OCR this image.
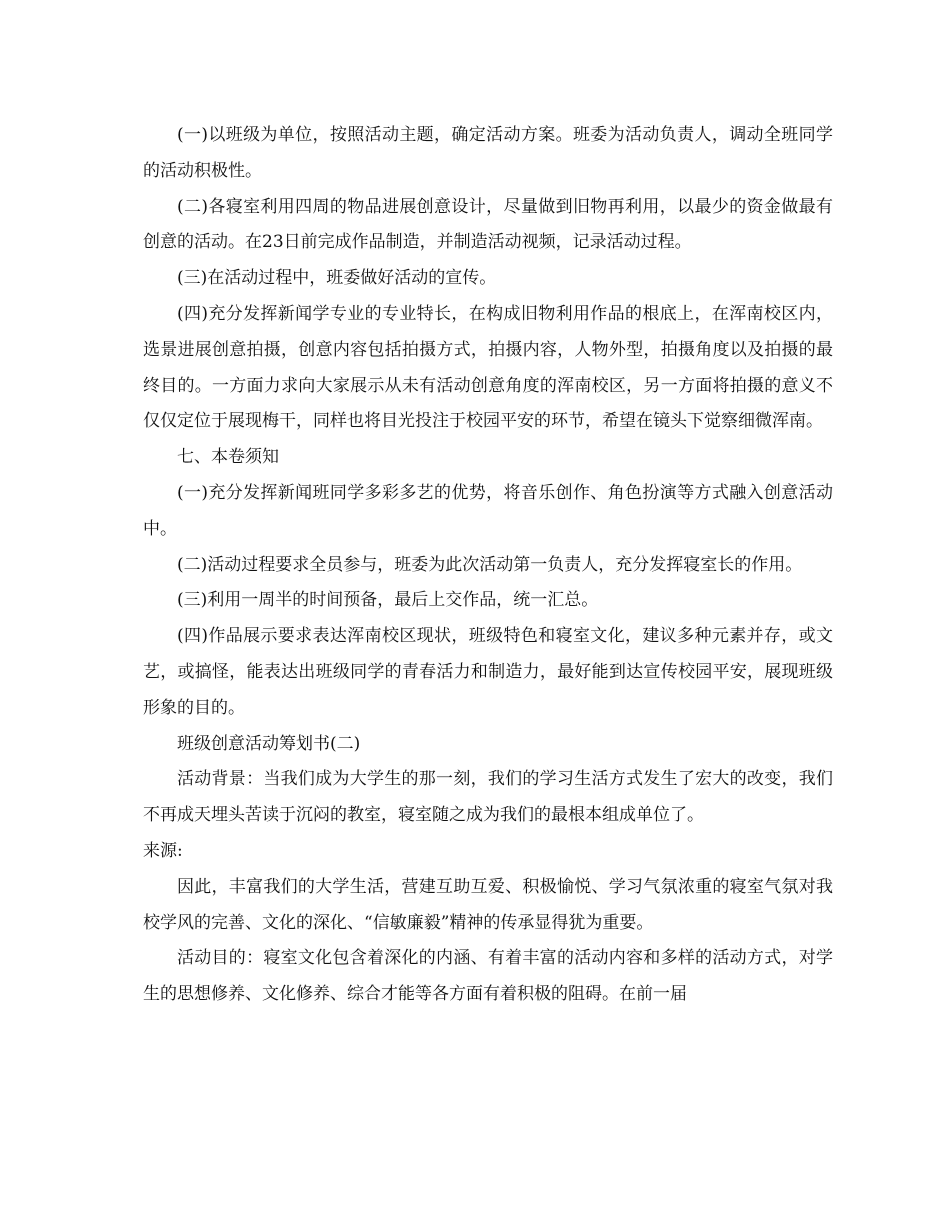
(一)以班级为单位，按照活动主题，确定活动方案。班委为活动负责人，调动全班同学的活动积极性。

(二)各寝室利用四周的物品进展创意设计，尽量做到旧物再利用，以最少的资金做最有创意的活动。在23日前完成作品制造，并制造活动视频，记录活动过程。

(三)在活动过程中，班委做好活动的宣传。

(四)充分发挥新闻学专业的专业特长，在构成旧物利用作品的根底上，在浑南校区内，选景进展创意拍摄，创意内容包括拍摄方式，拍摄内容，人物外型，拍摄角度以及拍摄的最终目的。一方面力求向大家展示从未有活动创意角度的浑南校区，另一方面将拍摄的意义不仅仅定位于展现梅干，同样也将目光投注于校园平安的环节，希望在镜头下觉察细微浑南。

七、本卷须知

(一)充分发挥新闻班同学多彩多艺的优势，将音乐创作、角色扮演等方式融入创意活动中。

(二)活动过程要求全员参与，班委为此次活动第一负责人，充分发挥寝室长的作用。

(三)利用一周半的时间预备，最后上交作品，统一汇总。

(四)作品展示要求表达浑南校区现状，班级特色和寝室文化，建议多种元素并存，或文艺，或搞怪，能表达出班级同学的青春活力和制造力，最好能到达宣传校园平安，展现班级形象的目的。

班级创意活动筹划书(二)

活动背景：当我们成为大学生的那一刻，我们的学习生活方式发生了宏大的改变，我们不再成天埋头苦读于沉闷的教室，寝室随之成为我们的最根本组成单位了。

来源:

因此，丰富我们的大学生活，营建互助互爱、积极愉悦、学习气氛浓重的寝室气氛对我校学风的完善、文化的深化、“信敏廉毅”精神的传承显得犹为重要。

活动目的：寝室文化包含着深化的内涵、有着丰富的活动内容和多样的活动方式，对学生的思想修养、文化修养、综合才能等各方面有着积极的阻碍。在前一届
